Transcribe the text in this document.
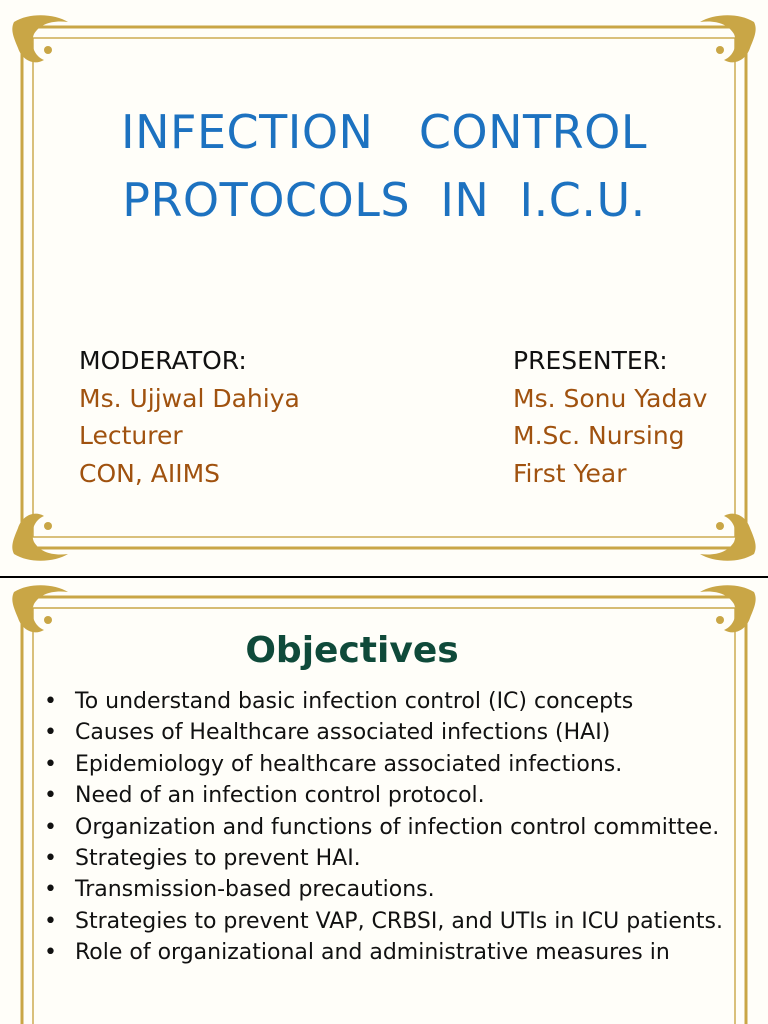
INFECTION   CONTROL
PROTOCOLS  IN  I.C.U.
MODERATOR:
Ms. Ujjwal Dahiya
Lecturer
CON, AIIMS
PRESENTER:
Ms. Sonu Yadav
M.Sc. Nursing
First Year
Objectives
• To understand basic infection control (IC) concepts
• Causes of Healthcare associated infections (HAI)
• Epidemiology of healthcare associated infections.
• Need of an infection control protocol.
• Organization and functions of infection control committee.
• Strategies to prevent HAI.
• Transmission-based precautions.
• Strategies to prevent VAP, CRBSI, and UTIs in ICU patients.
• Role of organizational and administrative measures in
